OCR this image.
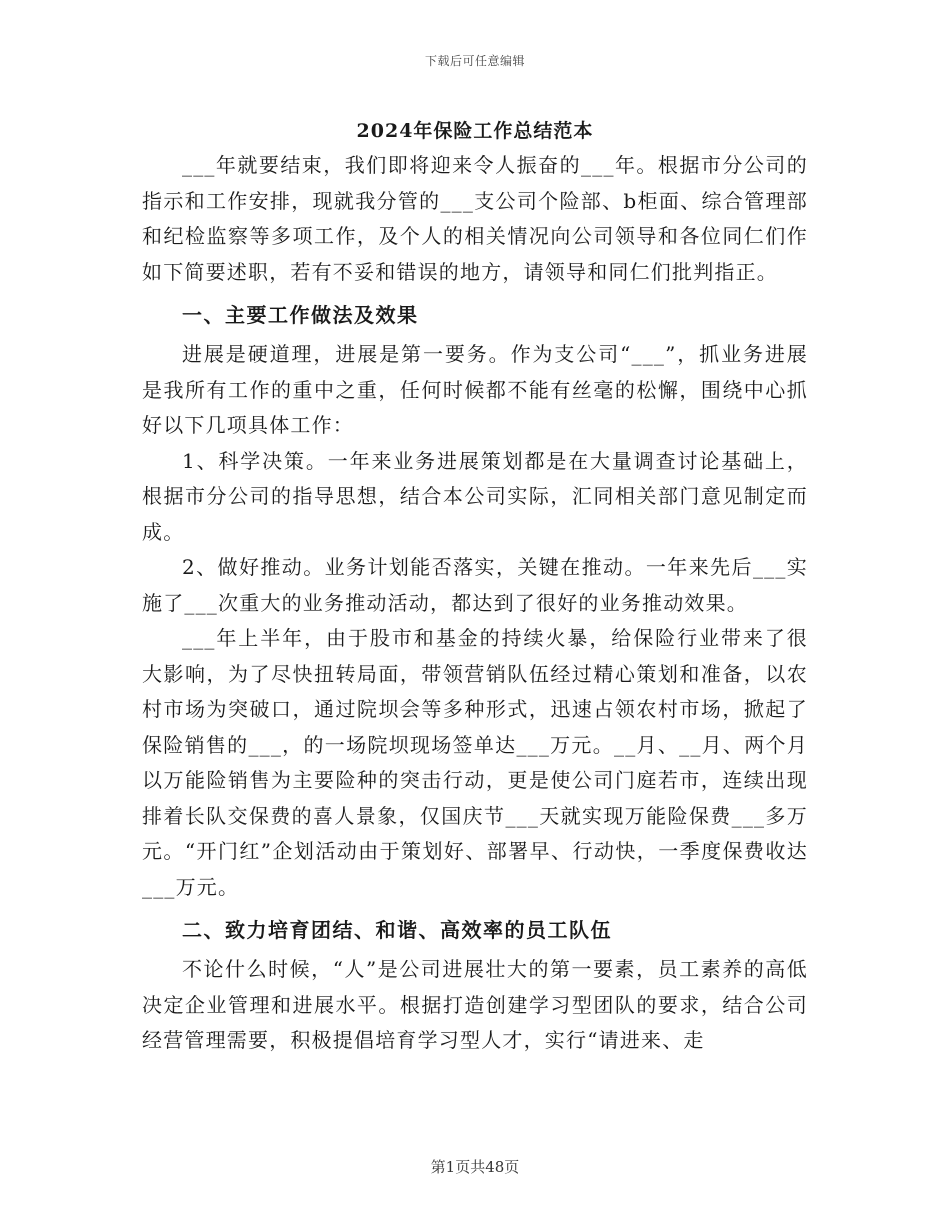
下载后可任意编辑
2024年保险工作总结范本

___年就要结束，我们即将迎来令人振奋的___年。根据市分公司的指示和工作安排，现就我分管的___支公司个险部、b柜面、综合管理部和纪检监察等多项工作，及个人的相关情况向公司领导和各位同仁们作如下简要述职，若有不妥和错误的地方，请领导和同仁们批判指正。

一、主要工作做法及效果

进展是硬道理，进展是第一要务。作为支公司“___”，抓业务进展是我所有工作的重中之重，任何时候都不能有丝毫的松懈，围绕中心抓好以下几项具体工作：

1、科学决策。一年来业务进展策划都是在大量调查讨论基础上，根据市分公司的指导思想，结合本公司实际，汇同相关部门意见制定而成。

2、做好推动。业务计划能否落实，关键在推动。一年来先后___实施了___次重大的业务推动活动，都达到了很好的业务推动效果。

___年上半年，由于股市和基金的持续火暴，给保险行业带来了很大影响，为了尽快扭转局面，带领营销队伍经过精心策划和准备，以农村市场为突破口，通过院坝会等多种形式，迅速占领农村市场，掀起了保险销售的___，的一场院坝现场签单达___万元。__月、__月、两个月以万能险销售为主要险种的突击行动，更是使公司门庭若市，连续出现排着长队交保费的喜人景象，仅国庆节___天就实现万能险保费___多万元。“开门红”企划活动由于策划好、部署早、行动快，一季度保费收达___万元。

二、致力培育团结、和谐、高效率的员工队伍

不论什么时候，“人”是公司进展壮大的第一要素，员工素养的高低决定企业管理和进展水平。根据打造创建学习型团队的要求，结合公司经营管理需要，积极提倡培育学习型人才，实行“请进来、走

第1页共48页
